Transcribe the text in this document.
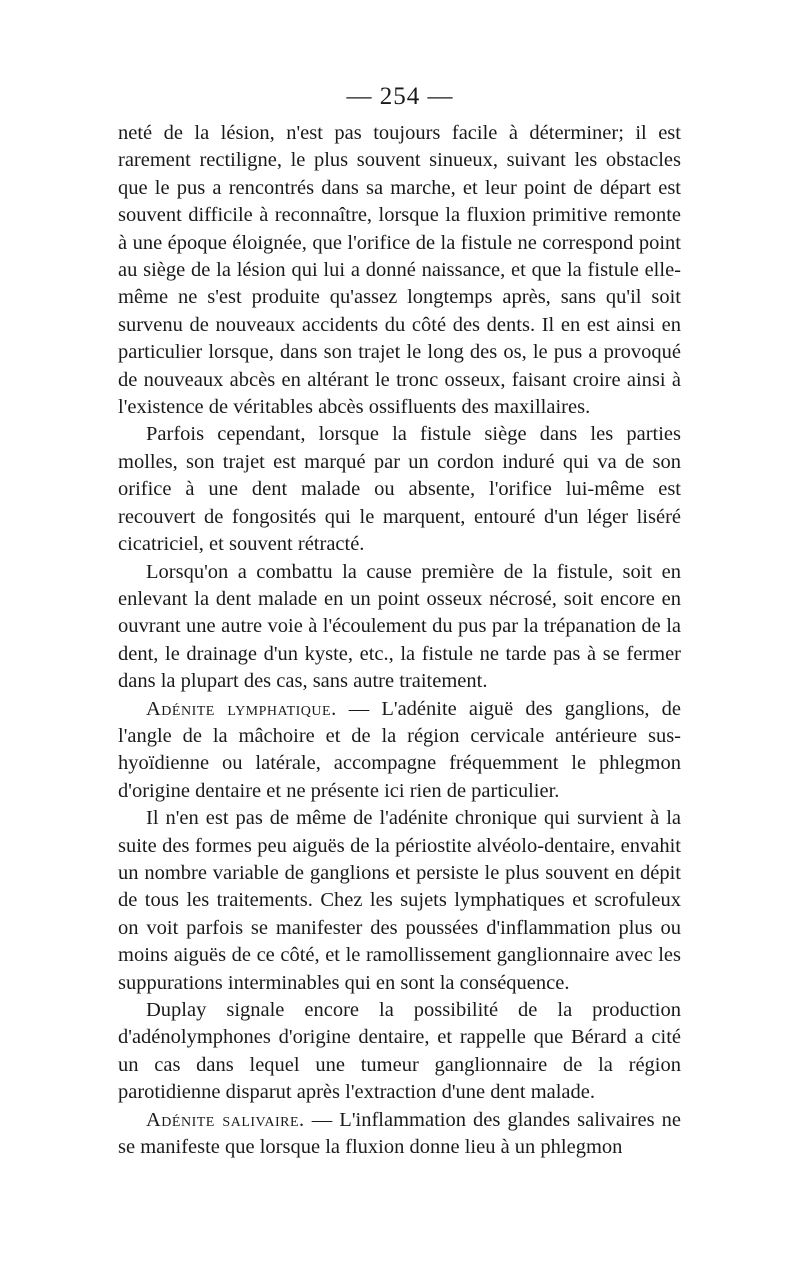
— 254 —

neté de la lésion, n'est pas toujours facile à déterminer; il est rarement rectiligne, le plus souvent sinueux, suivant les obstacles que le pus a rencontrés dans sa marche, et leur point de départ est souvent difficile à reconnaître, lorsque la fluxion primitive remonte à une époque éloignée, que l'orifice de la fistule ne correspond point au siège de la lésion qui lui a donné naissance, et que la fistule elle-même ne s'est produite qu'assez longtemps après, sans qu'il soit survenu de nouveaux accidents du côté des dents. Il en est ainsi en particulier lorsque, dans son trajet le long des os, le pus a provoqué de nouveaux abcès en altérant le tronc osseux, faisant croire ainsi à l'existence de véritables abcès ossifluents des maxillaires.

Parfois cependant, lorsque la fistule siège dans les parties molles, son trajet est marqué par un cordon induré qui va de son orifice à une dent malade ou absente, l'orifice lui-même est recouvert de fongosités qui le marquent, entouré d'un léger liséré cicatriciel, et souvent rétracté.

Lorsqu'on a combattu la cause première de la fistule, soit en enlevant la dent malade en un point osseux nécrosé, soit encore en ouvrant une autre voie à l'écoulement du pus par la trépanation de la dent, le drainage d'un kyste, etc., la fistule ne tarde pas à se fermer dans la plupart des cas, sans autre traitement.

Adénite lymphatique. — L'adénite aiguë des ganglions, de l'angle de la mâchoire et de la région cervicale antérieure sus-hyoïdienne ou latérale, accompagne fréquemment le phlegmon d'origine dentaire et ne présente ici rien de particulier.

Il n'en est pas de même de l'adénite chronique qui survient à la suite des formes peu aiguës de la périostite alvéolo-dentaire, envahit un nombre variable de ganglions et persiste le plus souvent en dépit de tous les traitements. Chez les sujets lymphatiques et scrofuleux on voit parfois se manifester des poussées d'inflammation plus ou moins aiguës de ce côté, et le ramollissement ganglionnaire avec les suppurations interminables qui en sont la conséquence.

Duplay signale encore la possibilité de la production d'adénolymphones d'origine dentaire, et rappelle que Bérard a cité un cas dans lequel une tumeur ganglionnaire de la région parotidienne disparut après l'extraction d'une dent malade.

Adénite salivaire. — L'inflammation des glandes salivaires ne se manifeste que lorsque la fluxion donne lieu à un phlegmon
